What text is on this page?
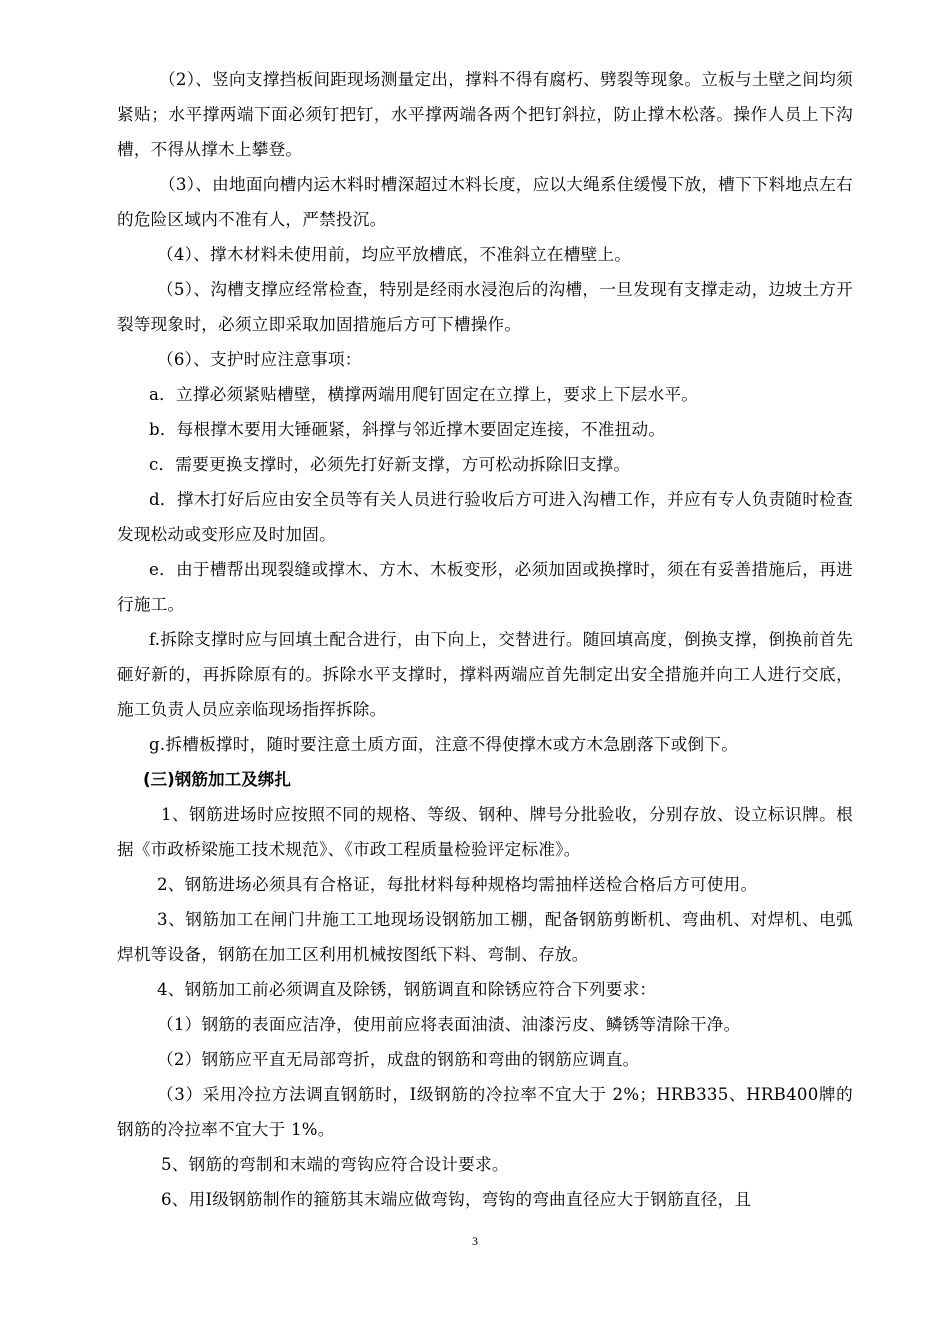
（2）、竖向支撑挡板间距现场测量定出，撑料不得有腐朽、劈裂等现象。立板与土壁之间均须紧贴；水平撑两端下面必须钉把钉，水平撑两端各两个把钉斜拉，防止撑木松落。操作人员上下沟槽，不得从撑木上攀登。

（3）、由地面向槽内运木料时槽深超过木料长度，应以大绳系住缓慢下放，槽下下料地点左右的危险区域内不准有人，严禁投沉。

（4）、撑木材料未使用前，均应平放槽底，不准斜立在槽壁上。

（5）、沟槽支撑应经常检查，特别是经雨水浸泡后的沟槽，一旦发现有支撑走动，边坡土方开裂等现象时，必须立即采取加固措施后方可下槽操作。

（6）、支护时应注意事项：

a．立撑必须紧贴槽壁，横撑两端用爬钉固定在立撑上，要求上下层水平。

b．每根撑木要用大锤砸紧，斜撑与邻近撑木要固定连接，不准扭动。

c．需要更换支撑时，必须先打好新支撑，方可松动拆除旧支撑。

d．撑木打好后应由安全员等有关人员进行验收后方可进入沟槽工作，并应有专人负责随时检查发现松动或变形应及时加固。

e．由于槽帮出现裂缝或撑木、方木、木板变形，必须加固或换撑时，须在有妥善措施后，再进行施工。

f.拆除支撑时应与回填土配合进行，由下向上，交替进行。随回填高度，倒换支撑，倒换前首先砸好新的，再拆除原有的。拆除水平支撑时，撑料两端应首先制定出安全措施并向工人进行交底，施工负责人员应亲临现场指挥拆除。

g.拆槽板撑时，随时要注意土质方面，注意不得使撑木或方木急剧落下或倒下。

(三)钢筋加工及绑扎

1、钢筋进场时应按照不同的规格、等级、钢种、牌号分批验收，分别存放、设立标识牌。根据《市政桥梁施工技术规范》、《市政工程质量检验评定标准》。

2、钢筋进场必须具有合格证，每批材料每种规格均需抽样送检合格后方可使用。

3、钢筋加工在闸门井施工工地现场设钢筋加工棚，配备钢筋剪断机、弯曲机、对焊机、电弧焊机等设备，钢筋在加工区利用机械按图纸下料、弯制、存放。

4、钢筋加工前必须调直及除锈，钢筋调直和除锈应符合下列要求：

（1）钢筋的表面应洁净，使用前应将表面油渍、油漆污皮、鳞锈等清除干净。

（2）钢筋应平直无局部弯折，成盘的钢筋和弯曲的钢筋应调直。

（3）采用冷拉方法调直钢筋时，Ⅰ级钢筋的冷拉率不宜大于 2%；HRB335、HRB400牌的钢筋的冷拉率不宜大于 1%。

5、钢筋的弯制和末端的弯钩应符合设计要求。

6、用Ⅰ级钢筋制作的箍筋其末端应做弯钩，弯钩的弯曲直径应大于钢筋直径，且

3
